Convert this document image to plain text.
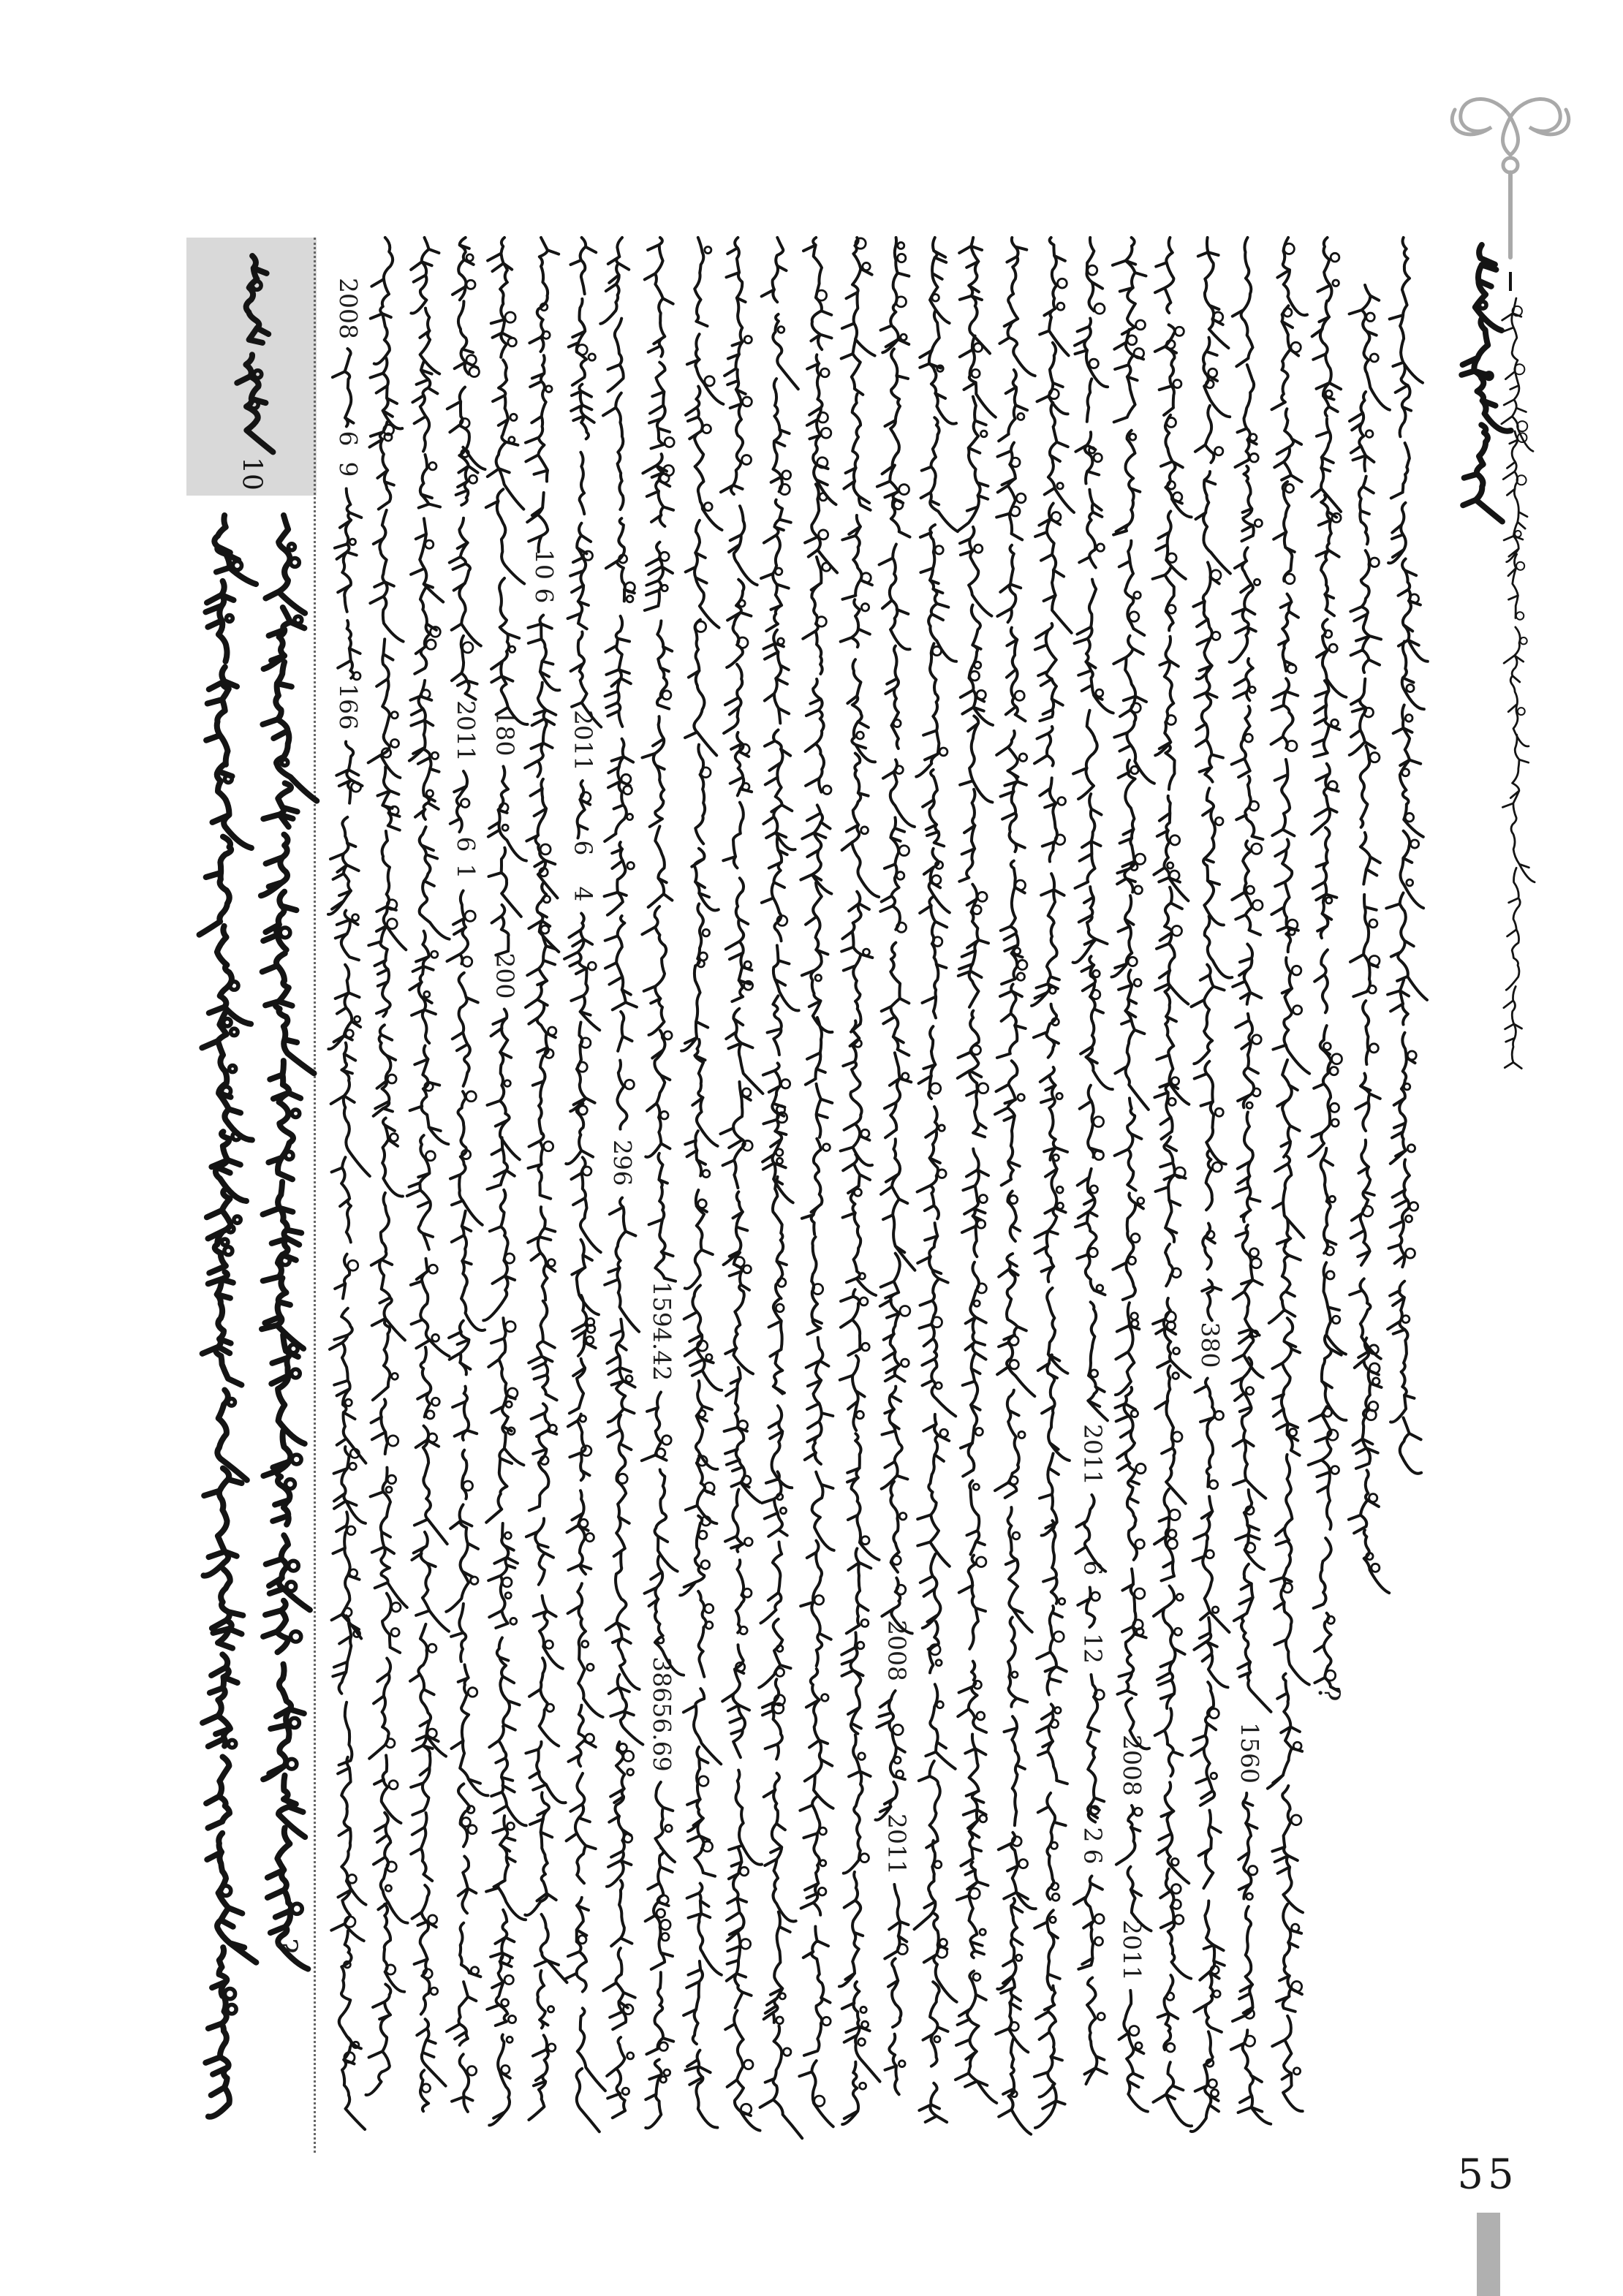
10
?
2008
6
9
16
6	2011
6
1
180
200
10
6
2011
6
4
29
6
1594.42
38656.69
2008
2011
2011
6
12
2
6
2008
2011
380
1560
?
55
